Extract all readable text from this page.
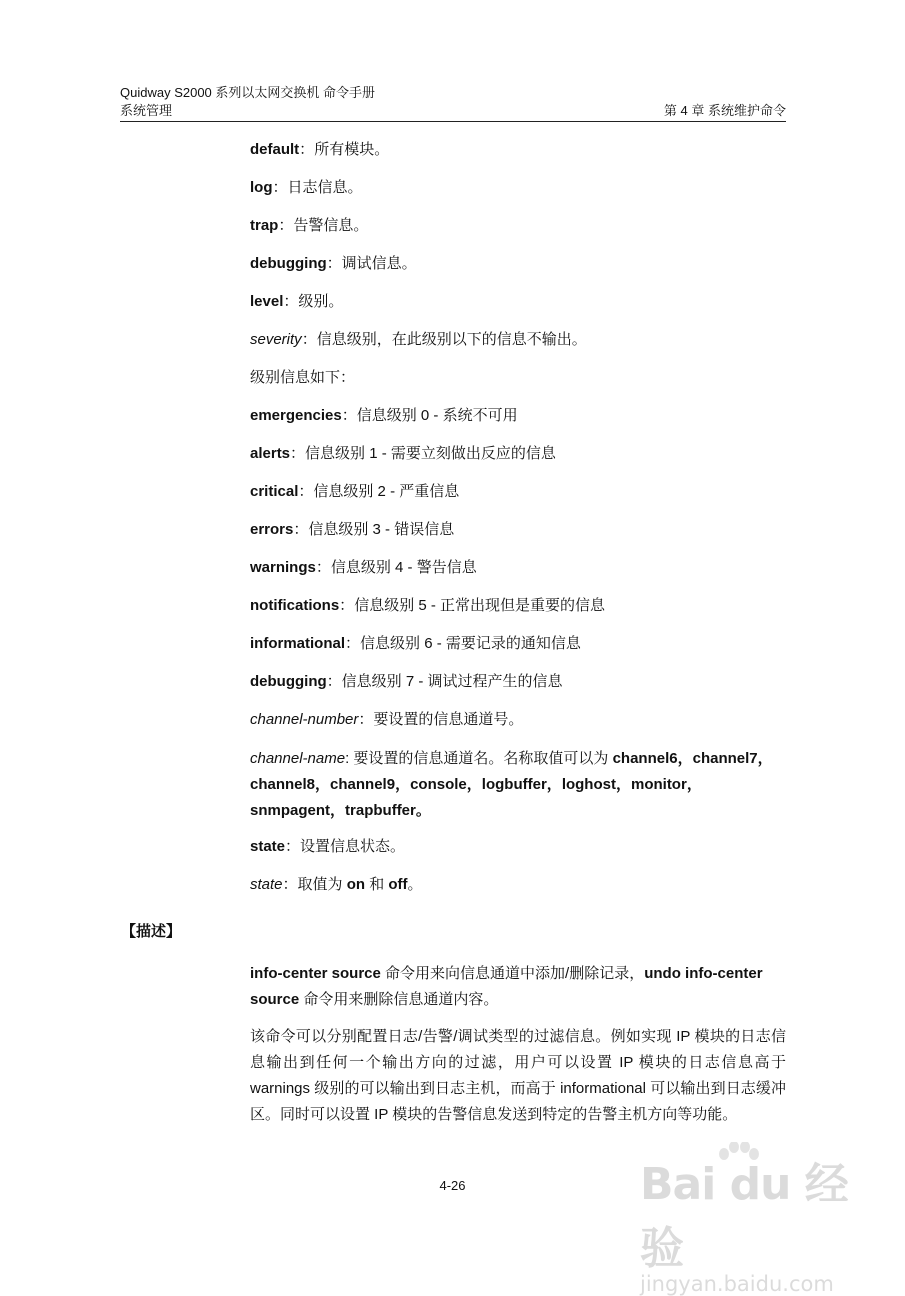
Quidway S2000 系列以太网交换机 命令手册
系统管理	第 4 章 系统维护命令
default：所有模块。
log：日志信息。
trap：告警信息。
debugging：调试信息。
level：级别。
severity：信息级别，在此级别以下的信息不输出。
级别信息如下：
emergencies：信息级别 0 - 系统不可用
alerts：信息级别 1 - 需要立刻做出反应的信息
critical：信息级别 2 - 严重信息
errors：信息级别 3 - 错误信息
warnings：信息级别 4 - 警告信息
notifications：信息级别 5 - 正常出现但是重要的信息
informational：信息级别 6 - 需要记录的通知信息
debugging：信息级别 7 - 调试过程产生的信息
channel-number：要设置的信息通道号。
channel-name: 要设置的信息通道名。名称取值可以为 channel6，channel7，channel8，channel9，console，logbuffer，loghost，monitor，snmpagent，trapbuffer。
state：设置信息状态。
state：取值为 on 和 off。
【描述】
info-center source 命令用来向信息通道中添加/删除记录，undo info-center source 命令用来删除信息通道内容。
该命令可以分别配置日志/告警/调试类型的过滤信息。例如实现 IP 模块的日志信息输出到任何一个输出方向的过滤，用户可以设置 IP 模块的日志信息高于 warnings 级别的可以输出到日志主机，而高于 informational 可以输出到日志缓冲区。同时可以设置 IP 模块的告警信息发送到特定的告警主机方向等功能。
4-26	Bai du 经验
jingyan.baidu.com
